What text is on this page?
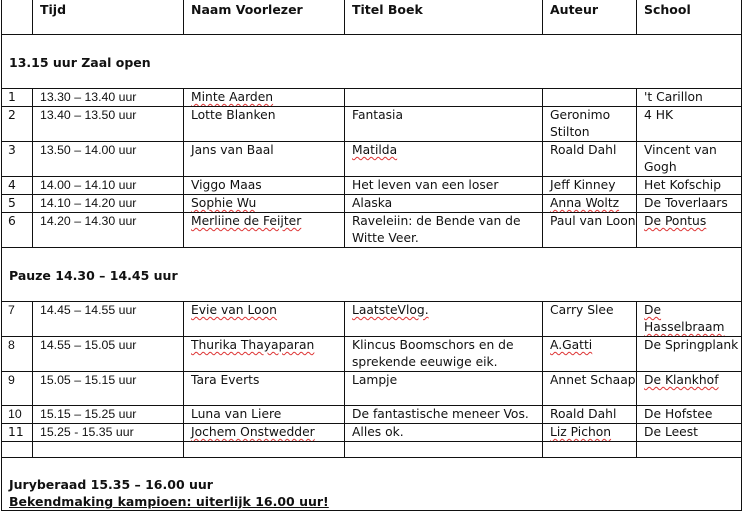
	Tijd	Naam Voorlezer	Titel Boek	Auteur	School
13.15 uur Zaal open					
1	13.30 – 13.40 uur	Minte Aarden			't Carillon
2	13.40 – 13.50 uur	Lotte Blanken	Fantasia	Geronimo Stilton	4 HK
3	13.50 – 14.00 uur	Jans van Baal	Matilda	Roald Dahl	Vincent van Gogh
4	14.00 – 14.10 uur	Viggo Maas	Het leven van een loser	Jeff Kinney	Het Kofschip
5	14.10 – 14.20 uur	Sophie Wu	Alaska	Anna Woltz	De Toverlaars
6	14.20 – 14.30 uur	Merliine de Feijter	Raveleiin: de Bende van de Witte Veer.	Paul van Loon	De Pontus
Pauze 14.30 – 14.45 uur					
7	14.45 – 14.55 uur	Evie van Loon	LaatsteVlog.	Carry Slee	De Hasselbraam
8	14.55 – 15.05 uur	Thurika Thayaparan	Klincus Boomschors en de sprekende eeuwige eik.	A.Gatti	De Springplank
9	15.05 – 15.15 uur	Tara Everts	Lampje	Annet Schaap	De Klankhof
10	15.15 – 15.25 uur	Luna van Liere	De fantastische meneer Vos.	Roald Dahl	De Hofstee
11	15.25 - 15.35 uur	Jochem Onstwedder	Alles ok.	Liz Pichon	De Leest

Juryberaad 15.35 – 16.00 uur
Bekendmaking kampioen: uiterlijk 16.00 uur!					
